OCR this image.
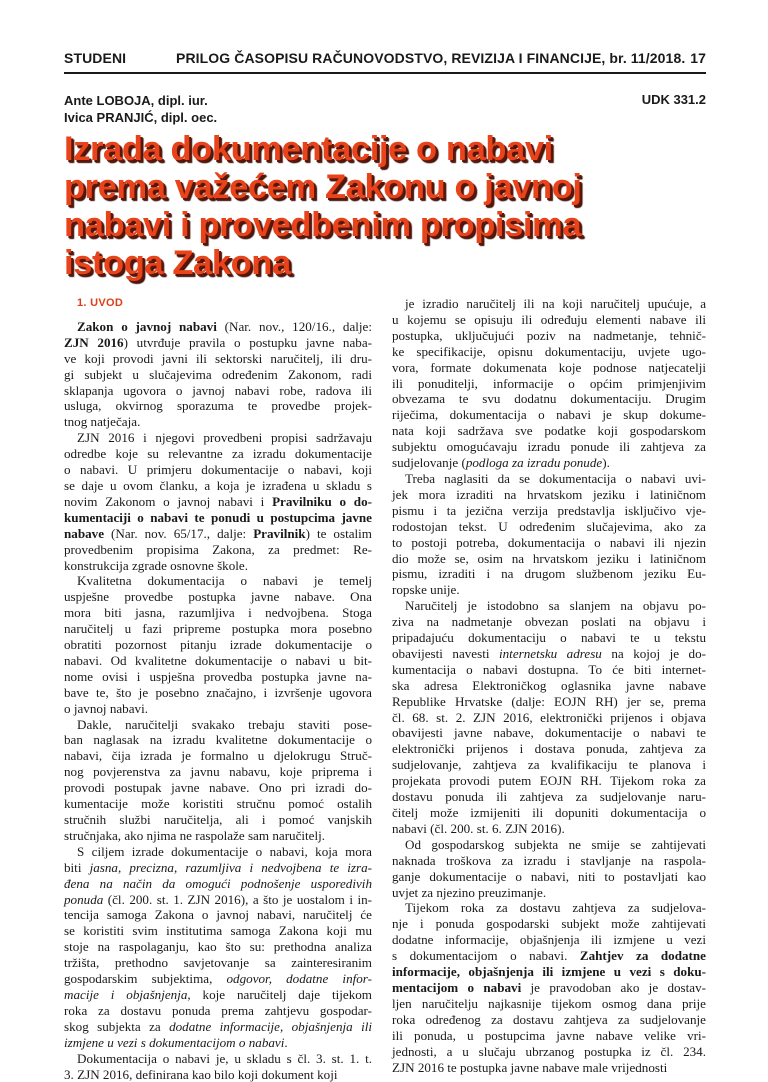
STUDENI	PRILOG ČASOPISU RAČUNOVODSTVO, REVIZIJA I FINANCIJE, br. 11/2018. 17
Ante LOBOJA, dipl. iur.
Ivica PRANJIĆ, dipl. oec.
UDK 331.2
Izrada dokumentacije o nabavi
prema važećem Zakonu o javnoj
nabavi i provedbenim propisima
istoga Zakona
1. UVOD

Zakon o javnoj nabavi (Nar. nov., 120/16., dalje:
ZJN 2016) utvrđuje pravila o postupku javne naba-
ve koji provodi javni ili sektorski naručitelj, ili dru-
gi subjekt u slučajevima određenim Zakonom, radi
sklapanja ugovora o javnoj nabavi robe, radova ili
usluga, okvirnog sporazuma te provedbe projek-
tnog natječaja.

ZJN 2016 i njegovi provedbeni propisi sadržavaju
odredbe koje su relevantne za izradu dokumentacije
o nabavi. U primjeru dokumentacije o nabavi, koji
se daje u ovom članku, a koja je izrađena u skladu s
novim Zakonom o javnoj nabavi i Pravilniku o do-
kumentaciji o nabavi te ponudi u postupcima javne
nabave (Nar. nov. 65/17., dalje: Pravilnik) te ostalim
provedbenim propisima Zakona, za predmet: Re-
konstrukcija zgrade osnovne škole.

Kvalitetna dokumentacija o nabavi je temelj
uspješne provedbe postupka javne nabave. Ona
mora biti jasna, razumljiva i nedvojbena. Stoga
naručitelj u fazi pripreme postupka mora posebno
obratiti pozornost pitanju izrade dokumentacije o
nabavi. Od kvalitetne dokumentacije o nabavi u bit-
nome ovisi i uspješna provedba postupka javne na-
bave te, što je posebno značajno, i izvršenje ugovora
o javnoj nabavi.

Dakle, naručitelji svakako trebaju staviti pose-
ban naglasak na izradu kvalitetne dokumentacije o
nabavi, čija izrada je formalno u djelokrugu Struč-
nog povjerenstva za javnu nabavu, koje priprema i
provodi postupak javne nabave. Ono pri izradi do-
kumentacije može koristiti stručnu pomoć ostalih
stručnih službi naručitelja, ali i pomoć vanjskih
stručnjaka, ako njima ne raspolaže sam naručitelj.

S ciljem izrade dokumentacije o nabavi, koja mora
biti jasna, precizna, razumljiva i nedvojbena te izra-
đena na način da omogući podnošenje usporedivih
ponuda (čl. 200. st. 1. ZJN 2016), a što je uostalom i in-
tencija samoga Zakona o javnoj nabavi, naručitelj će
se koristiti svim institutima samoga Zakona koji mu
stoje na raspolaganju, kao što su: prethodna analiza
tržišta, prethodno savjetovanje sa zainteresiranim
gospodarskim subjektima, odgovor, dodatne infor-
macije i objašnjenja, koje naručitelj daje tijekom
roka za dostavu ponuda prema zahtjevu gospodar-
skog subjekta za dodatne informacije, objašnjenja ili
izmjene u vezi s dokumentacijom o nabavi.

Dokumentacija o nabavi je, u skladu s čl. 3. st. 1. t.
3. ZJN 2016, definirana kao bilo koji dokument koji

je izradio naručitelj ili na koji naručitelj upućuje, a
u kojemu se opisuju ili određuju elementi nabave ili
postupka, uključujući poziv na nadmetanje, tehnič-
ke specifikacije, opisnu dokumentaciju, uvjete ugo-
vora, formate dokumenata koje podnose natjecatelji
ili ponuditelji, informacije o općim primjenjivim
obvezama te svu dodatnu dokumentaciju. Drugim
riječima, dokumentacija o nabavi je skup dokume-
nata koji sadržava sve podatke koji gospodarskom
subjektu omogućavaju izradu ponude ili zahtjeva za
sudjelovanje (podloga za izradu ponude).

Treba naglasiti da se dokumentacija o nabavi uvi-
jek mora izraditi na hrvatskom jeziku i latiničnom
pismu i ta jezična verzija predstavlja isključivo vje-
rodostojan tekst. U određenim slučajevima, ako za
to postoji potreba, dokumentacija o nabavi ili njezin
dio može se, osim na hrvatskom jeziku i latiničnom
pismu, izraditi i na drugom službenom jeziku Eu-
ropske unije.

Naručitelj je istodobno sa slanjem na objavu po-
ziva na nadmetanje obvezan poslati na objavu i
pripadajuću dokumentaciju o nabavi te u tekstu
obavijesti navesti internetsku adresu na kojoj je do-
kumentacija o nabavi dostupna. To će biti internet-
ska adresa Elektroničkog oglasnika javne nabave
Republike Hrvatske (dalje: EOJN RH) jer se, prema
čl. 68. st. 2. ZJN 2016, elektronički prijenos i objava
obavijesti javne nabave, dokumentacije o nabavi te
elektronički prijenos i dostava ponuda, zahtjeva za
sudjelovanje, zahtjeva za kvalifikaciju te planova i
projekata provodi putem EOJN RH. Tijekom roka za
dostavu ponuda ili zahtjeva za sudjelovanje naru-
čitelj može izmijeniti ili dopuniti dokumentacija o
nabavi (čl. 200. st. 6. ZJN 2016).

Od gospodarskog subjekta ne smije se zahtijevati
naknada troškova za izradu i stavljanje na raspola-
ganje dokumentacije o nabavi, niti to postavljati kao
uvjet za njezino preuzimanje.

Tijekom roka za dostavu zahtjeva za sudjelova-
nje i ponuda gospodarski subjekt može zahtijevati
dodatne informacije, objašnjenja ili izmjene u vezi
s dokumentacijom o nabavi. Zahtjev za dodatne
informacije, objašnjenja ili izmjene u vezi s doku-
mentacijom o nabavi je pravodoban ako je dostav-
ljen naručitelju najkasnije tijekom osmog dana prije
roka određenog za dostavu zahtjeva za sudjelovanje
ili ponuda, u postupcima javne nabave velike vri-
jednosti, a u slučaju ubrzanog postupka iz čl. 234.
ZJN 2016 te postupka javne nabave male vrijednosti
